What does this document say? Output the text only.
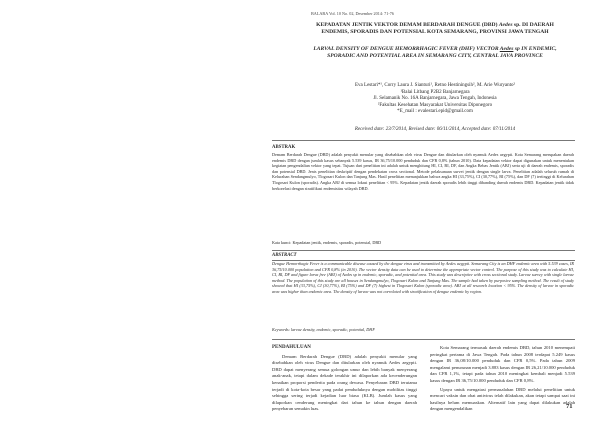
BALABA Vol. 10 No. 02, Desember 2014: 71-76
KEPADATAN JENTIK VEKTOR DEMAM BERDARAH DENGUE (DBD) Aedes sp. DI DAERAH ENDEMIS, SPORADIS DAN POTENSIAL KOTA SEMARANG, PROVINSI JAWA TENGAH
LARVAL DENSITY OF DENGUE HEMORRHAGIC FEVER (DHF) VECTOR Aedes sp IN ENDEMIC, SPORADIC AND POTENTIAL AREA IN SEMARANG CITY, CENTRAL JAVA PROVINCE
Eva Lestari*¹, Corry Laura J. Sianturi¹, Retno Hestiningsih², M. Arie Wuryanto²
¹Balai Litbang P2B2 Banjarnegara
Jl. Selamanik No. 16A Banjarnegara, Jawa Tengah, Indonesia
²Fakultas Kesehatan Masyarakat Universitas Diponegoro
*E_mail : evalestari.epid@gmail.com
Received date: 23/7/2014, Revised date: 06/11/2014, Accepted date: 07/11/2014
ABSTRAK
Demam Berdarah Dengue (DBD) adalah penyakit menular yang disebabkan oleh virus Dengue dan ditularkan oleh nyamuk Aedes aegypti. Kota Semarang merupakan daerah endemis DBD dengan jumlah kasus sebanyak 5.539 kasus, IR 36,75/10.000 penduduk dan CFR 0,8% (tahun 2010). Data kepadatan vektor dapat digunakan untuk menentukan kegiatan pengendalian vektor yang tepat. Tujuan dari penelitian ini adalah untuk menghitung HI, CI, BI, DF, dan Angka Bebas Jentik (ABJ) serta uji di daerah endemis, sporadis dan potensial DBD. Jenis penelitian deskriptif dengan pendekatan cross sectional. Metode pelaksanaan survei jentik dengan single larva. Penelitian adalah seluruh rumah di Kelurahan Sendangmulyo, Tlogosari Kulon dan Tanjung Mas. Hasil penelitian menunjukkan bahwa angka HI (33,75%), CI (30,77%), BI (75%), dan DF (7) tertinggi di Kelurahan Tlogosari Kulon (sporadis). Angka ABJ di semua lokasi penelitian < 95%. Kepadatan jentik daerah sporadis lebih tinggi dibanding daerah endemis DBD. Kepadatan jentik tidak berkorelasi dengan stratifikasi endemisitas wilayah DBD.
Kata kunci: Kepadatan jentik, endemis, sporadis, potensial, DBD
ABSTRACT
Dengue Hemorrhagic Fever is a communicable disease caused by the dengue virus and transmitted by Aedes aegypti. Semarang City is an DHF endemic area with 5.539 cases, IR 36,75/10.000 population and CFR 0,8% (in 2010). The vector density data can be used to determine the appropriate vector control. The purpose of this study was to calculate HI, CI, BI, DF and figure larva free (ABJ) of Aedes sp in endemic, sporadic, and potential area. This study was descriptive with cross sectional study. Larvae survey with single larvae method. The population of this study are all houses in Sendangmulyo, Tlogosari Kulon and Tanjung Mas. The sample had taken by purposive sampling method. The result of study showed that HI (33,75%), CI (30,77%), BI (75%) and DF (7) highest in Tlogosari Kulon (sporadic area). ABJ at all research location < 95%. The density of larvae in sporadic area was higher than endemic area. The density of larvae was not correlated with stratification of dengue endemic by region.
Keywords: larvae density, endemic, sporadic, potential, DHF
PENDAHULUAN

Demam Berdarah Dengue (DBD) adalah penyakit menular yang disebabkan oleh virus Dengue dan ditularkan oleh nyamuk Aedes aegypti. DBD dapat menyerang semua golongan umur dan lebih banyak menyerang anak-anak, tetapi dalam dekade terakhir ini dilaporkan ada kecenderungan kenaikan proporsi penderita pada orang dewasa. Penyebaran DBD terutama terjadi di kota-kota besar yang padat penduduknya dengan mobilitas tinggi sehingga sering terjadi kejadian luar biasa (KLB). Jumlah kasus yang dilaporkan cenderung meningkat dari tahun ke tahun dengan daerah penyebaran semakin luas.

Kota Semarang termasuk daerah endemis DBD, tahun 2010 menempati peringkat pertama di Jawa Tengah. Pada tahun 2008 terdapat 5.249 kasus dengan IR 36,08/10.000 penduduk dan CFR 0,5%. Pada tahun 2009 mengalami penurunan menjadi 3.883 kasus dengan IR 26,21/10.000 penduduk dan CFR 1,1%, tetapi pada tahun 2010 meningkat kembali menjadi 5.539 kasus dengan IR 36,75/10.000 penduduk dan CFR 0,8%.

Upaya untuk mengatasi permasalahan DBD melalui penelitian untuk mencari vaksin dan obat antivirus telah dilakukan, akan tetapi sampai saat ini hasilnya belum memuaskan. Alternatif lain yang dapat dilakukan adalah dengan mengendalikan	71
